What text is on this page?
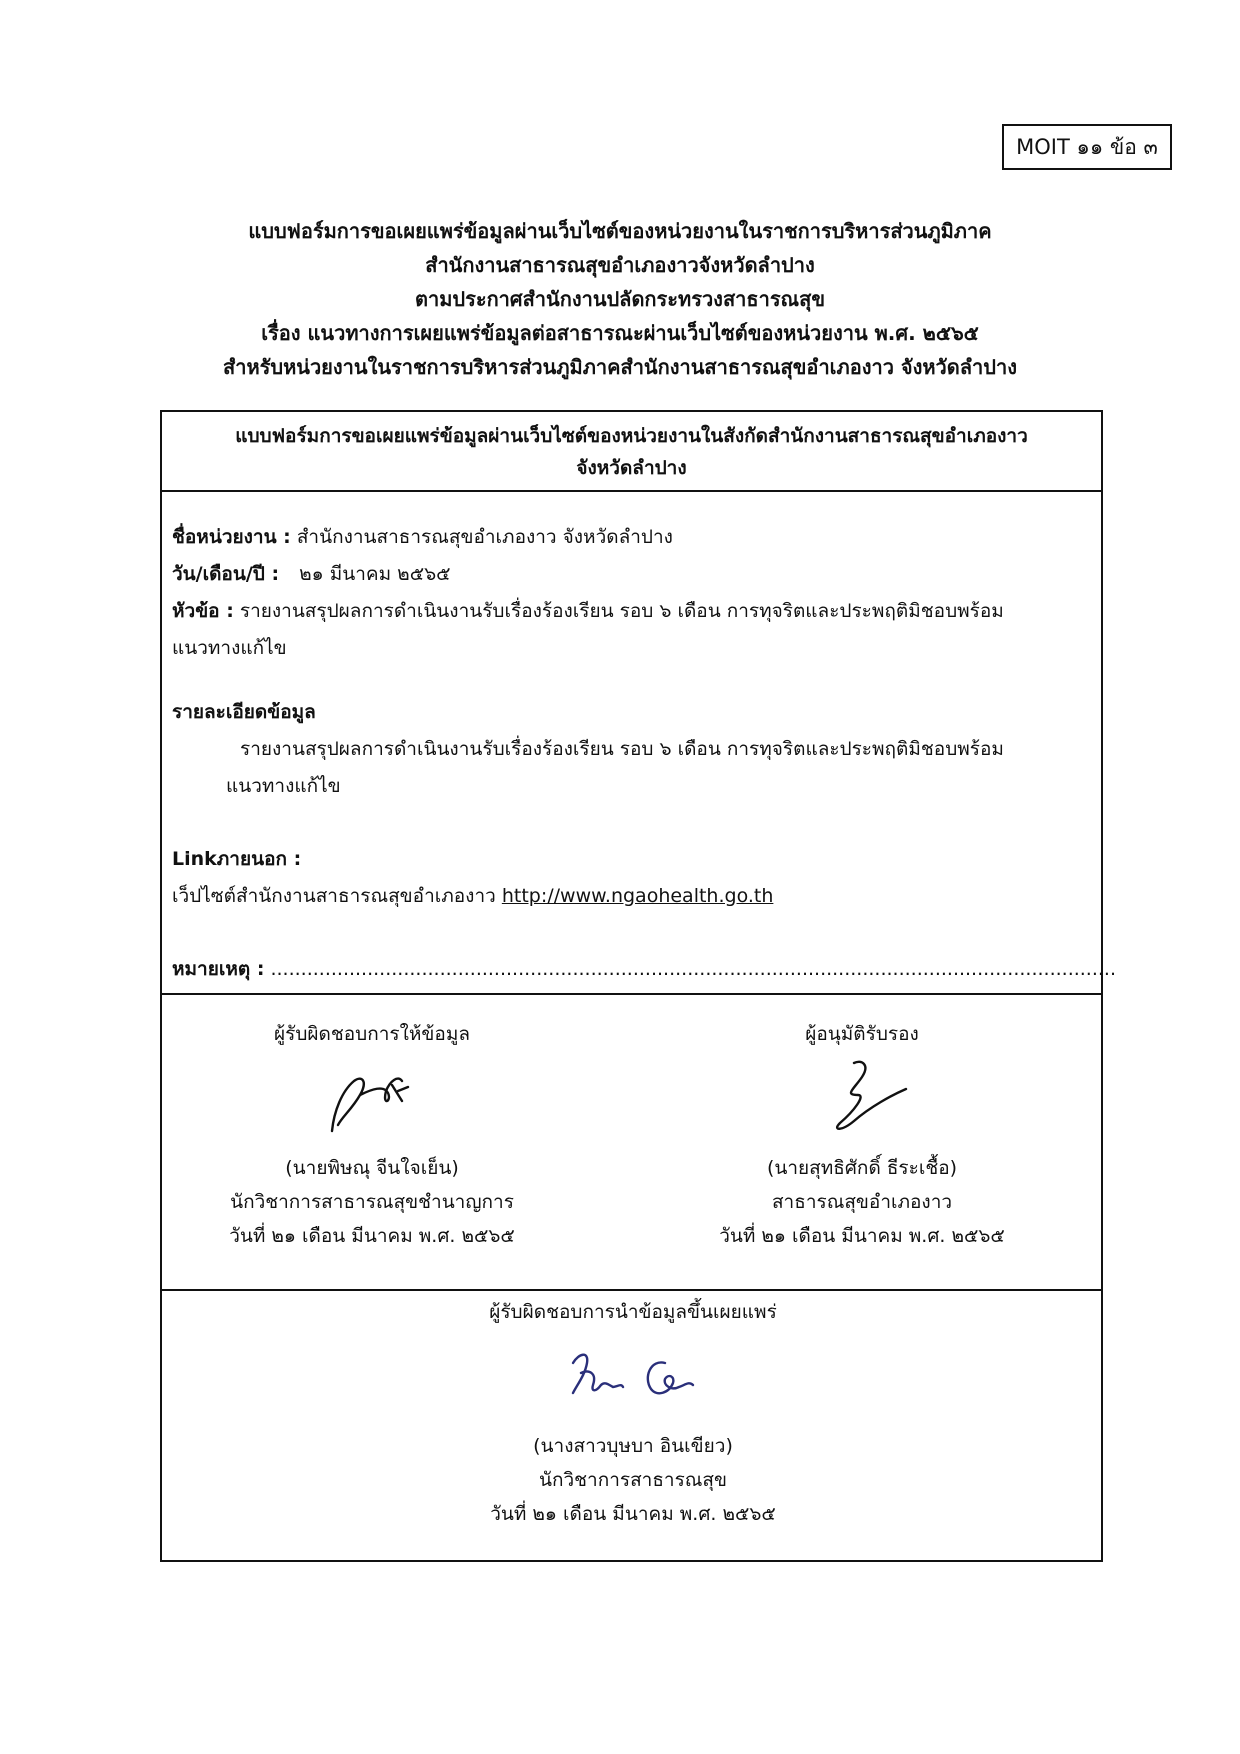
MOIT ๑๑ ข้อ ๓
แบบฟอร์มการขอเผยแพร่ข้อมูลผ่านเว็บไซต์ของหน่วยงานในราชการบริหารส่วนภูมิภาค
สำนักงานสาธารณสุขอำเภองาวจังหวัดลำปาง
ตามประกาศสำนักงานปลัดกระทรวงสาธารณสุข
เรื่อง แนวทางการเผยแพร่ข้อมูลต่อสาธารณะผ่านเว็บไซต์ของหน่วยงาน พ.ศ. ๒๕๖๕
สำหรับหน่วยงานในราชการบริหารส่วนภูมิภาคสำนักงานสาธารณสุขอำเภองาว จังหวัดลำปาง
แบบฟอร์มการขอเผยแพร่ข้อมูลผ่านเว็บไซต์ของหน่วยงานในสังกัดสำนักงานสาธารณสุขอำเภองาว
จังหวัดลำปาง
ชื่อหน่วยงาน : สำนักงานสาธารณสุขอำเภองาว จังหวัดลำปาง
วัน/เดือน/ปี : ๒๑ มีนาคม ๒๕๖๕
หัวข้อ : รายงานสรุปผลการดำเนินงานรับเรื่องร้องเรียน รอบ ๖ เดือน การทุจริตและประพฤติมิชอบพร้อม
แนวทางแก้ไข
รายละเอียดข้อมูล
รายงานสรุปผลการดำเนินงานรับเรื่องร้องเรียน รอบ ๖ เดือน การทุจริตและประพฤติมิชอบพร้อม
แนวทางแก้ไข
Linkภายนอก :
เว็ปไซต์สำนักงานสาธารณสุขอำเภองาว http://www.ngaohealth.go.th
หมายเหตุ : ............................................................................................................................................
ผู้รับผิดชอบการให้ข้อมูล
(นายพิษณุ จีนใจเย็น)
นักวิชาการสาธารณสุขชำนาญการ
วันที่ ๒๑ เดือน มีนาคม พ.ศ. ๒๕๖๕
ผู้อนุมัติรับรอง
(นายสุทธิศักดิ์ ธีระเชื้อ)
สาธารณสุขอำเภองาว
วันที่ ๒๑ เดือน มีนาคม พ.ศ. ๒๕๖๕
ผู้รับผิดชอบการนำข้อมูลขึ้นเผยแพร่
(นางสาวบุษบา อินเขียว)
นักวิชาการสาธารณสุข
วันที่ ๒๑ เดือน มีนาคม พ.ศ. ๒๕๖๕
